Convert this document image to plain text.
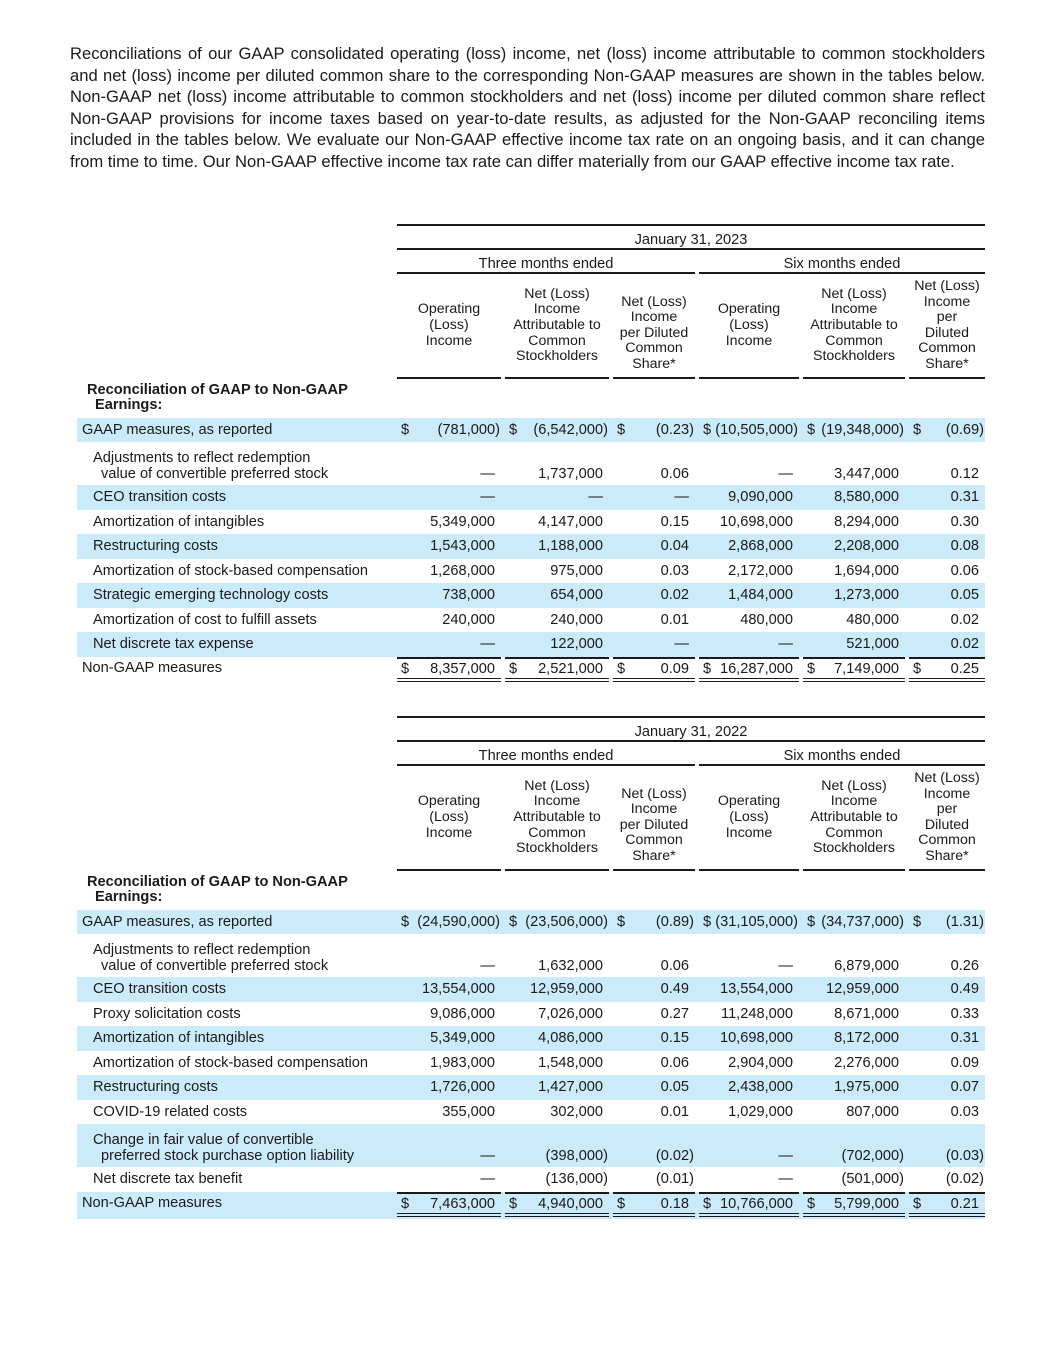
Reconciliations of our GAAP consolidated operating (loss) income, net (loss) income attributable to common stockholders and net (loss) income per diluted common share to the corresponding Non-GAAP measures are shown in the tables below. Non-GAAP net (loss) income attributable to common stockholders and net (loss) income per diluted common share reflect Non-GAAP provisions for income taxes based on year-to-date results, as adjusted for the Non-GAAP reconciling items included in the tables below. We evaluate our Non-GAAP effective income tax rate on an ongoing basis, and it can change from time to time. Our Non-GAAP effective income tax rate can differ materially from our GAAP effective income tax rate.

	January 31, 2023										
	Three months ended						Six months ended				
	Operating (Loss) Income		Net (Loss) Income Attributable to Common Stockholders		Net (Loss) Income per Diluted Common Share*		Operating (Loss) Income		Net (Loss) Income Attributable to Common Stockholders		Net (Loss) Income per Diluted Common Share*
Reconciliation of GAAP to Non-GAAP
Earnings:											

GAAP measures, as reported	$ (781,000)		$ (6,542,000)		$ (0.23)		$ (10,505,000)		$ (19,348,000)		$ (0.69)

Adjustments to reflect redemption
value of convertible preferred stock	—		1,737,000		0.06		—		3,447,000		0.12

CEO transition costs	—		—		—		9,090,000		8,580,000		0.31

Amortization of intangibles	5,349,000		4,147,000		0.15		10,698,000		8,294,000		0.30

Restructuring costs	1,543,000		1,188,000		0.04		2,868,000		2,208,000		0.08

Amortization of stock-based compensation	1,268,000		975,000		0.03		2,172,000		1,694,000		0.06

Strategic emerging technology costs	738,000		654,000		0.02		1,484,000		1,273,000		0.05

Amortization of cost to fulfill assets	240,000		240,000		0.01		480,000		480,000		0.02

Net discrete tax expense	—		122,000		—		—		521,000		0.02

Non-GAAP measures	$ 8,357,000		$ 2,521,000		$ 0.09		$ 16,287,000		$ 7,149,000		$ 0.25
	January 31, 2022										
	Three months ended						Six months ended				
	Operating (Loss) Income		Net (Loss) Income Attributable to Common Stockholders		Net (Loss) Income per Diluted Common Share*		Operating (Loss) Income		Net (Loss) Income Attributable to Common Stockholders		Net (Loss) Income per Diluted Common Share*
Reconciliation of GAAP to Non-GAAP
Earnings:											

GAAP measures, as reported	$ (24,590,000)		$ (23,506,000)		$ (0.89)		$ (31,105,000)		$ (34,737,000)		$ (1.31)

Adjustments to reflect redemption
value of convertible preferred stock	—		1,632,000		0.06		—		6,879,000		0.26

CEO transition costs	13,554,000		12,959,000		0.49		13,554,000		12,959,000		0.49

Proxy solicitation costs	9,086,000		7,026,000		0.27		11,248,000		8,671,000		0.33

Amortization of intangibles	5,349,000		4,086,000		0.15		10,698,000		8,172,000		0.31

Amortization of stock-based compensation	1,983,000		1,548,000		0.06		2,904,000		2,276,000		0.09

Restructuring costs	1,726,000		1,427,000		0.05		2,438,000		1,975,000		0.07

COVID-19 related costs	355,000		302,000		0.01		1,029,000		807,000		0.03

Change in fair value of convertible
preferred stock purchase option liability	—		(398,000)		(0.02)		—		(702,000)		(0.03)

Net discrete tax benefit	—		(136,000)		(0.01)		—		(501,000)		(0.02)

Non-GAAP measures	$ 7,463,000		$ 4,940,000		$ 0.18		$ 10,766,000		$ 5,799,000		$ 0.21
